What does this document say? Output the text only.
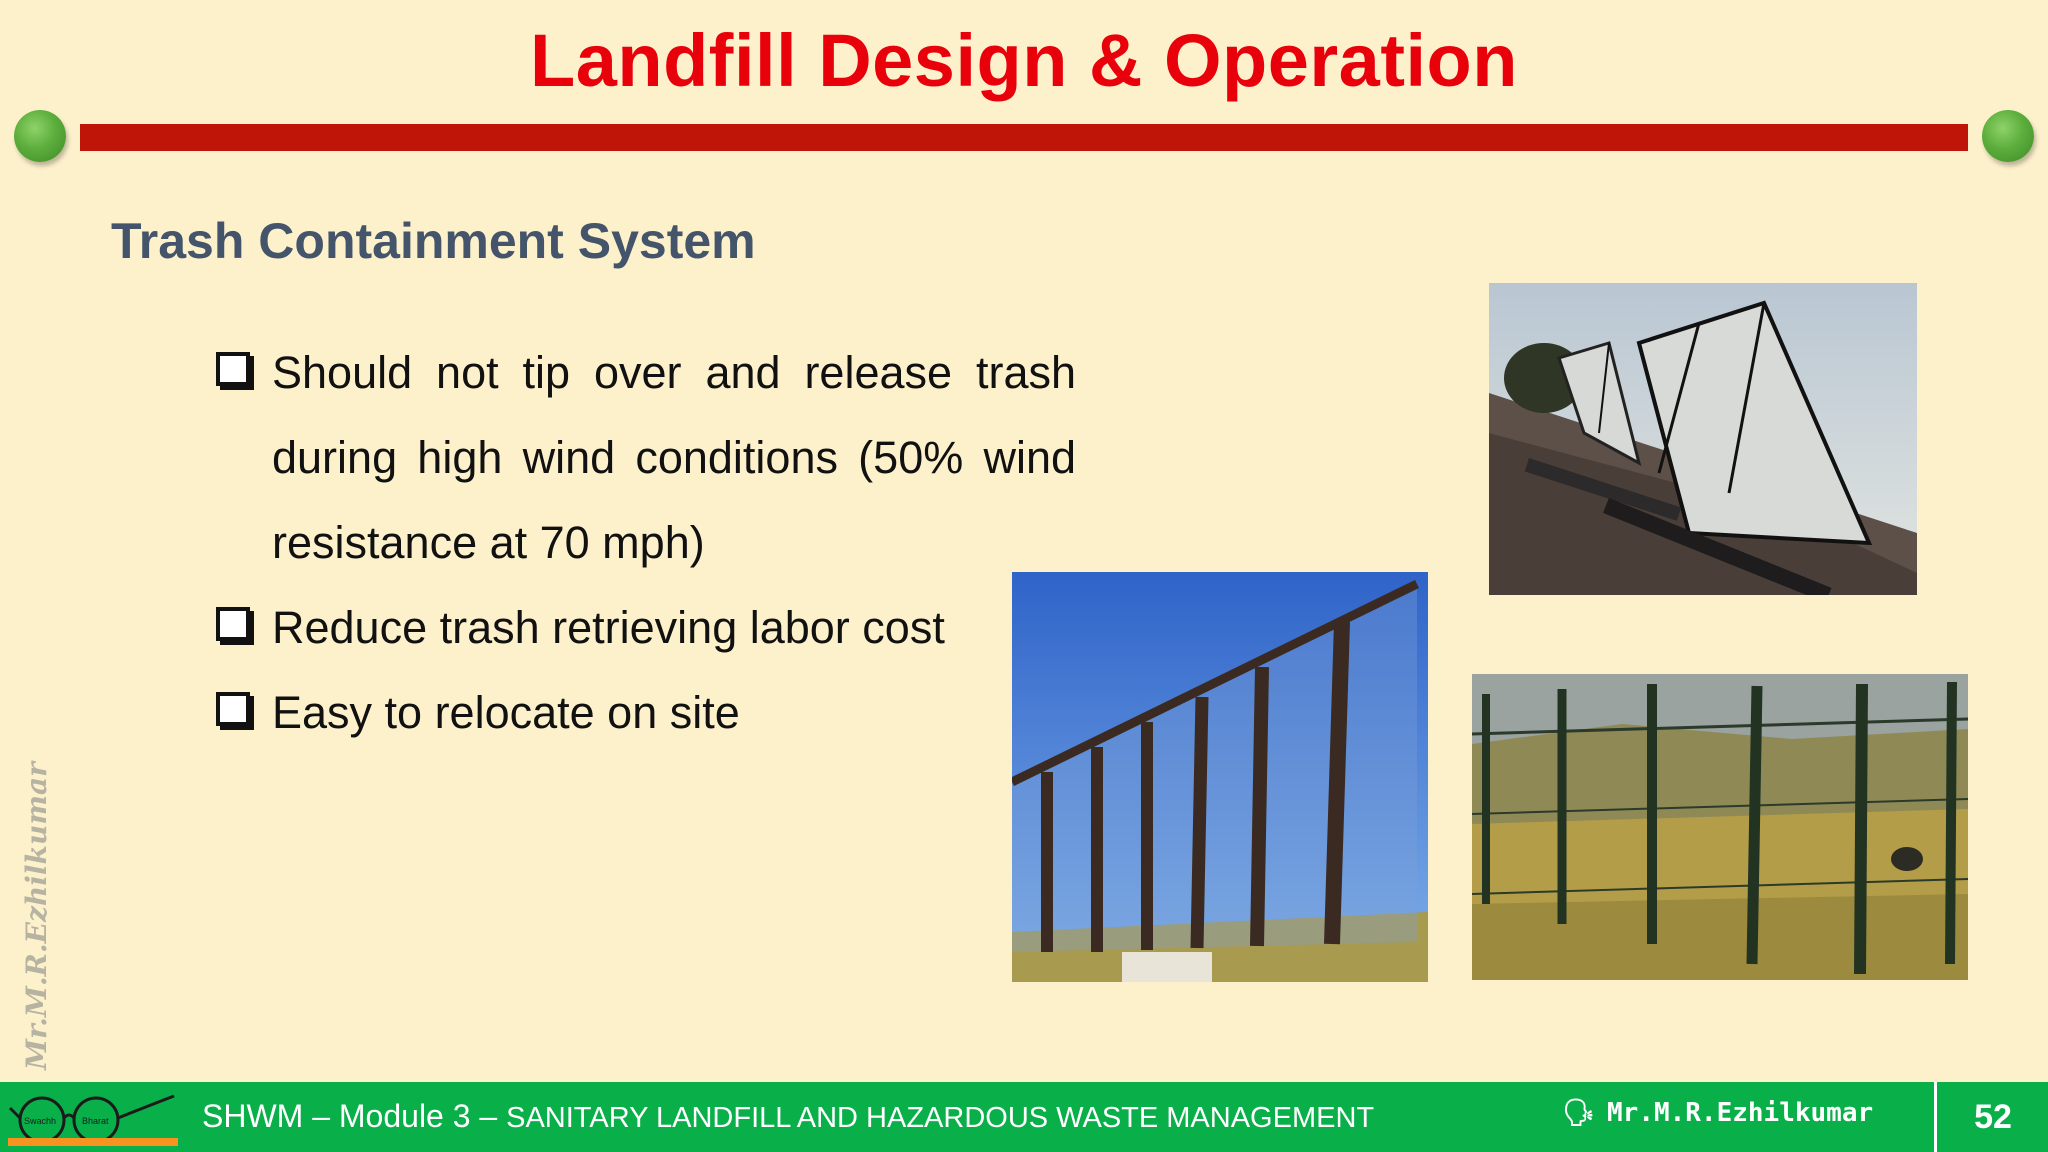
Landfill Design & Operation
Trash Containment System
Should not tip over and release trash during high wind conditions (50% wind resistance at 70 mph)
Reduce trash retrieving labor cost
Easy to relocate on site
Mr.M.R.Ezhilkumar
Swachh	Bharat	SHWM – Module 3 – SANITARY LANDFILL AND HAZARDOUS WASTE MANAGEMENT	🗣 Mr.M.R.Ezhilkumar	52
